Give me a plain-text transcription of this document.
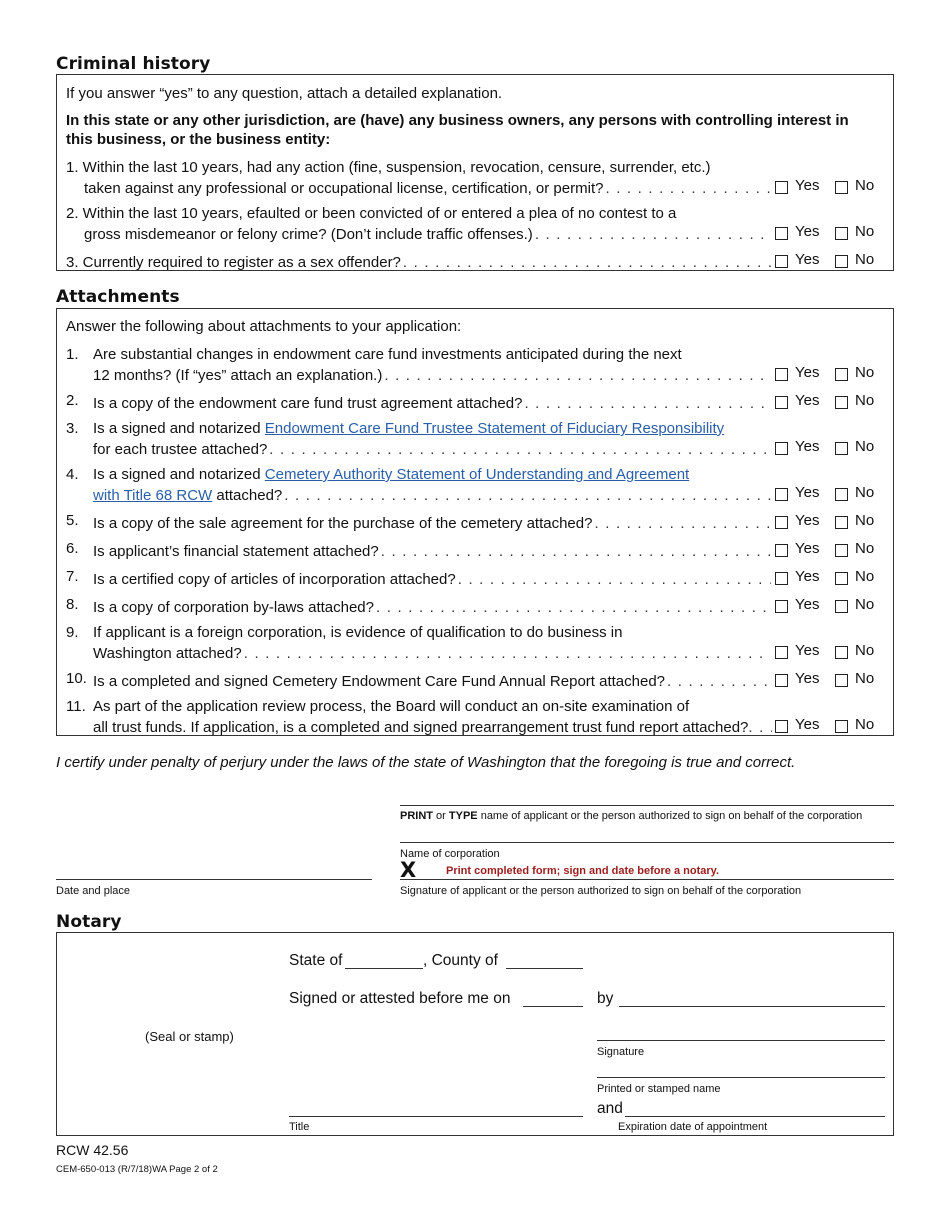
Criminal history
If you answer “yes” to any question, attach a detailed explanation.
In this state or any other jurisdiction, are (have) any business owners, any persons with controlling interest in
this business, or the business entity:
1. Within the last 10 years, had any action (fine, suspension, revocation, censure, surrender, etc.)
taken against any professional or occupational license, certification, or permit? . . .	Yes No
2. Within the last 10 years, efaulted or been convicted of or entered a plea of no contest to a
gross misdemeanor or felony crime? (Don’t include traffic offenses.) . . .	Yes No
3. Currently required to register as a sex offender? . . .	Yes No
Attachments
Answer the following about attachments to your application:
1. Are substantial changes in endowment care fund investments anticipated during the next
12 months? (If “yes” attach an explanation.) . . .	Yes No
2. Is a copy of the endowment care fund trust agreement attached? . . .	Yes No
3. Is a signed and notarized Endowment Care Fund Trustee Statement of Fiduciary Responsibility
for each trustee attached? . . .	Yes No
4. Is a signed and notarized Cemetery Authority Statement of Understanding and Agreement
with Title 68 RCW attached? . . .	Yes No
5. Is a copy of the sale agreement for the purchase of the cemetery attached? . . .	Yes No
6. Is applicant’s financial statement attached? . . .	Yes No
7. Is a certified copy of articles of incorporation attached? . . .	Yes No
8. Is a copy of corporation by-laws attached? . . .	Yes No
9. If applicant is a foreign corporation, is evidence of qualification to do business in
Washington attached? . . .	Yes No
10. Is a completed and signed Cemetery Endowment Care Fund Annual Report attached? . . .	Yes No
11. As part of the application review process, the Board will conduct an on-site examination of
all trust funds. If application, is a completed and signed prearrangement trust fund report attached? . . .	Yes No
I certify under penalty of perjury under the laws of the state of Washington that the foregoing is true and correct.
PRINT or TYPE name of applicant or the person authorized to sign on behalf of the corporation
Name of corporation
X	Print completed form; sign and date before a notary.
Date and place	Signature of applicant or the person authorized to sign on behalf of the corporation
Notary
State of	, County of
Signed or attested before me on	by
(Seal or stamp)
Signature
Printed or stamped name
Title
and
Expiration date of appointment
RCW 42.56
CEM-650-013 (R/7/18)WA Page 2 of 2
